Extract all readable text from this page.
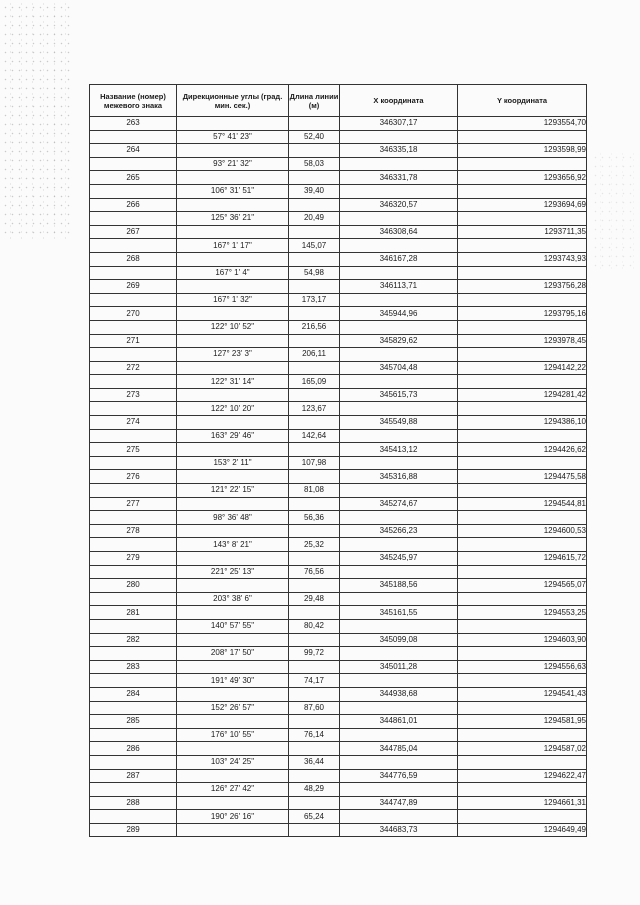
Название (номер) межевого знака	Дирекционные углы (град. мин. сек.)	Длина линии (м)	X координата	Y координата
263			346307,17	1293554,70
	57° 41' 23"	52,40		
264			346335,18	1293598,99
	93° 21' 32"	58,03		
265			346331,78	1293656,92
	106° 31' 51"	39,40		
266			346320,57	1293694,69
	125° 36' 21"	20,49		
267			346308,64	1293711,35
	167° 1' 17"	145,07		
268			346167,28	1293743,93
	167° 1' 4"	54,98		
269			346113,71	1293756,28
	167° 1' 32"	173,17		
270			345944,96	1293795,16
	122° 10' 52"	216,56		
271			345829,62	1293978,45
	127° 23' 3"	206,11		
272			345704,48	1294142,22
	122° 31' 14"	165,09		
273			345615,73	1294281,42
	122° 10' 20"	123,67		
274			345549,88	1294386,10
	163° 29' 46"	142,64		
275			345413,12	1294426,62
	153° 2' 11"	107,98		
276			345316,88	1294475,58
	121° 22' 15"	81,08		
277			345274,67	1294544,81
	98° 36' 48"	56,36		
278			345266,23	1294600,53
	143° 8' 21"	25,32		
279			345245,97	1294615,72
	221° 25' 13"	76,56		
280			345188,56	1294565,07
	203° 38' 6"	29,48		
281			345161,55	1294553,25
	140° 57' 55"	80,42		
282			345099,08	1294603,90
	208° 17' 50"	99,72		
283			345011,28	1294556,63
	191° 49' 30"	74,17		
284			344938,68	1294541,43
	152° 26' 57"	87,60		
285			344861,01	1294581,95
	176° 10' 55"	76,14		
286			344785,04	1294587,02
	103° 24' 25"	36,44		
287			344776,59	1294622,47
	126° 27' 42"	48,29		
288			344747,89	1294661,31
	190° 26' 16"	65,24		
289			344683,73	1294649,49
